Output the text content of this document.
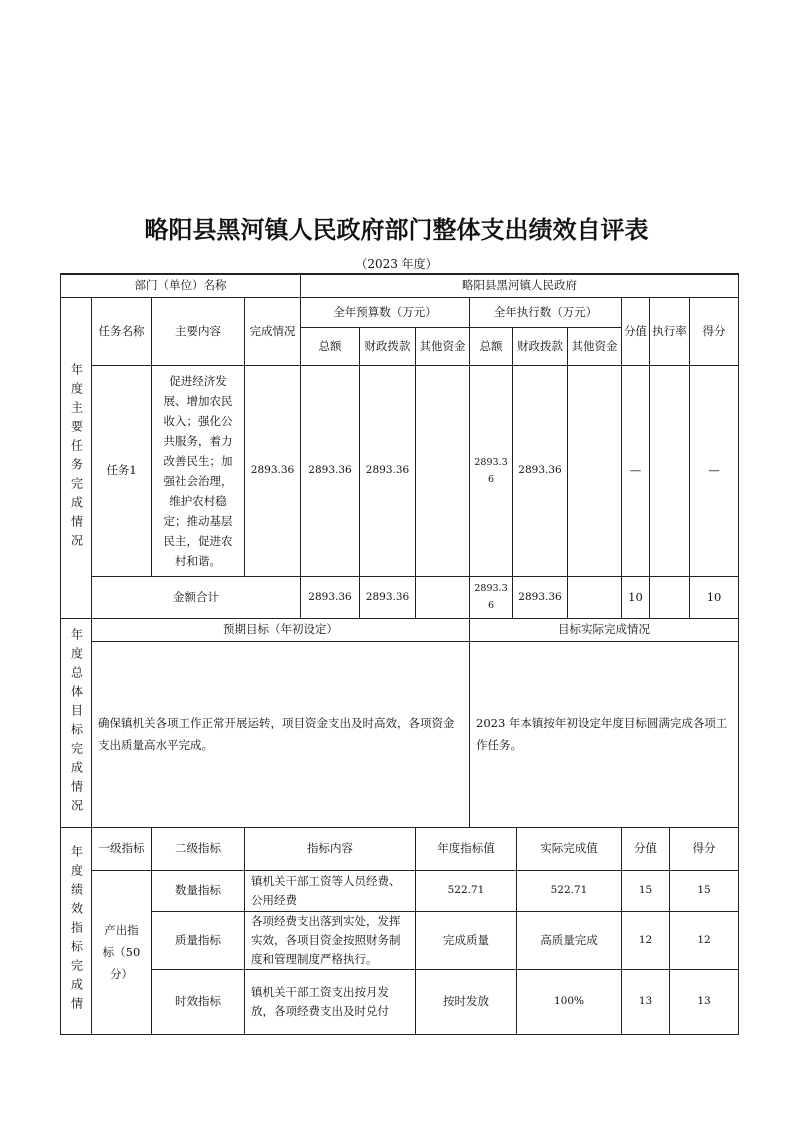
略阳县黑河镇人民政府部门整体支出绩效自评表
（2023 年度）
部门（单位）名称				略阳县黑河镇人民政府								

年度主要任务完成情况	任务名称	主要内容	完成情况	全年预算数（万元）			全年执行数（万元）			分值	执行率	得分
				总额	财政拨款	其他资金	总额	财政拨款	其他资金			
	任务1	促进经济发展、增加农民收入；强化公共服务，着力改善民生；加强社会治理，维护农村稳定；推动基层民主，促进农村和谐。	2893.36	2893.36	2893.36		2893.36	2893.36		—		—
	金额合计			2893.36	2893.36		2893.36	2893.36		10		10
年度总体目标完成情况	预期目标（年初设定）	目标实际完成情况
	确保镇机关各项工作正常开展运转，项目资金支出及时高效，各项资金支出质量高水平完成。	2023 年本镇按年初设定年度目标圆满完成各项工作任务。
年度绩效指标完成情	一级指标	二级指标	指标内容	年度指标值	实际完成值	分值	得分
	产出指标（50分）	数量指标	镇机关干部工资等人员经费、公用经费	522.71	522.71	15	15
		质量指标	各项经费支出落到实处，发挥实效，各项目资金按照财务制度和管理制度严格执行。	完成质量	高质量完成	12	12
		时效指标	镇机关干部工资支出按月发放，各项经费支出及时兑付	按时发放	100%	13	13
